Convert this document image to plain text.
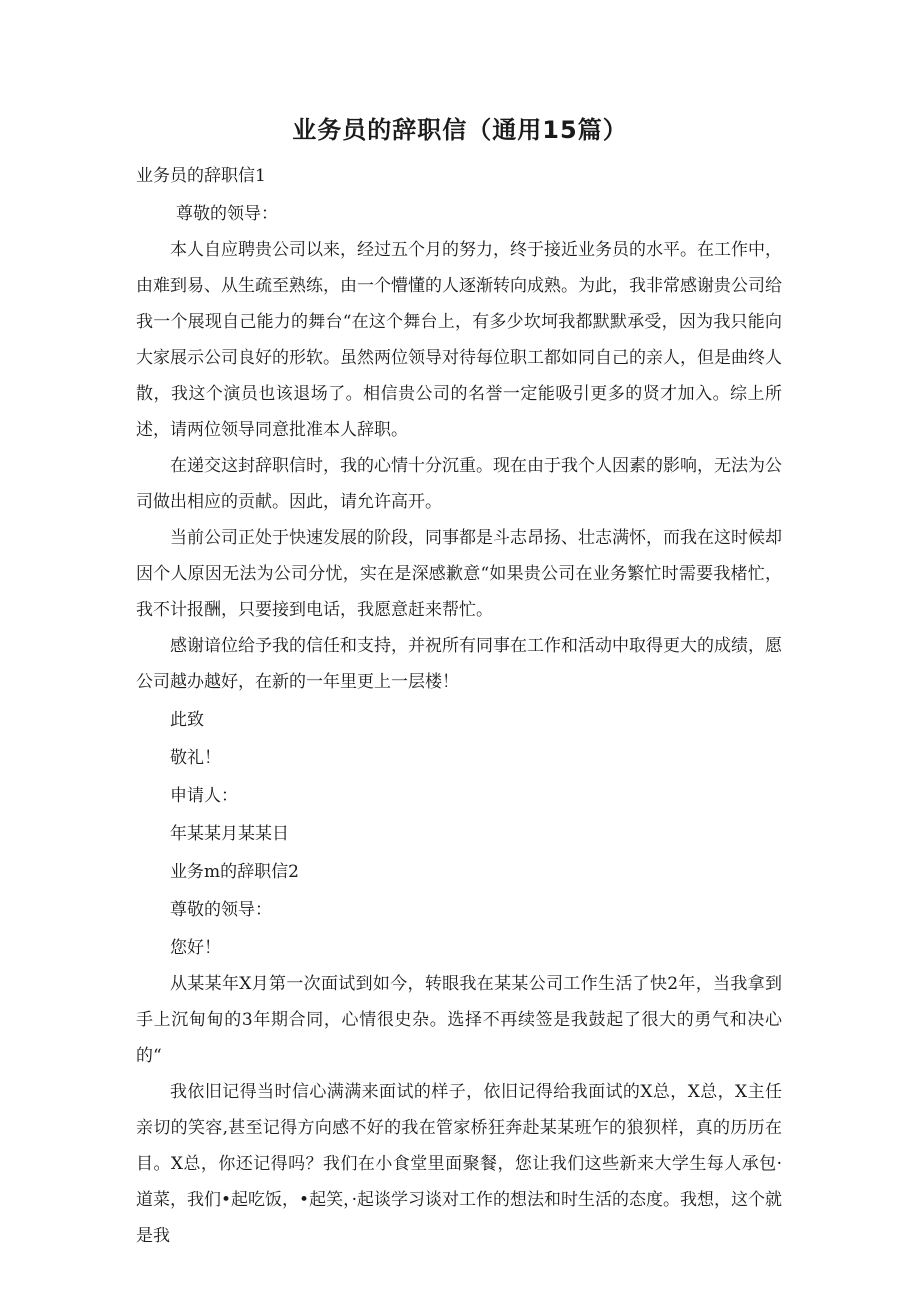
业务员的辞职信（通用15篇）

业务员的辞职信1

尊敬的领导：

本人自应聘贵公司以来，经过五个月的努力，终于接近业务员的水平。在工作中，由难到易、从生疏至熟练，由一个懵懂的人逐渐转向成熟。为此，我非常感谢贵公司给我一个展现自己能力的舞台“在这个舞台上，有多少坎坷我都默默承受，因为我只能向大家展示公司良好的形软。虽然两位领导对待每位职工都如同自己的亲人，但是曲终人散，我这个演员也该退场了。相信贵公司的名誉一定能吸引更多的贤才加入。综上所述，请两位领导同意批准本人辞职。

在递交这封辞职信时，我的心情十分沉重。现在由于我个人因素的影响，无法为公司做出相应的贡献。因此，请允许高开。

当前公司正处于快速发展的阶段，同事都是斗志昂扬、壮志满怀，而我在这时候却因个人原因无法为公司分忧，实在是深感歉意“如果贵公司在业务繁忙时需要我楮忙，我不计报酬，只要接到电话，我愿意赶来帮忙。

感谢谙位给予我的信任和支持，并祝所有同事在工作和活动中取得更大的成绩，愿公司越办越好，在新的一年里更上一层楼！

此致

敬礼！

申请人：

年某某月某某日

业务m的辞职信2

尊敬的领导：

您好！

从某某年X月第一次面试到如今，转眼我在某某公司工作生活了快2年，当我拿到手上沉甸甸的3年期合同，心情很史杂。选择不再续签是我鼓起了很大的勇气和决心的“

我依旧记得当时信心满满来面试的样子，依旧记得给我面试的X总，X总，X主任亲切的笑容,甚至记得方向感不好的我在管家桥狂奔赴某某班乍的狼狈样，真的历历在目。X总，你还记得吗？我们在小食堂里面聚餐，您让我们这些新来大学生每人承包·道菜，我们•起吃饭，•起笑，·起谈学习谈对工作的想法和时生活的态度。我想，这个就是我
